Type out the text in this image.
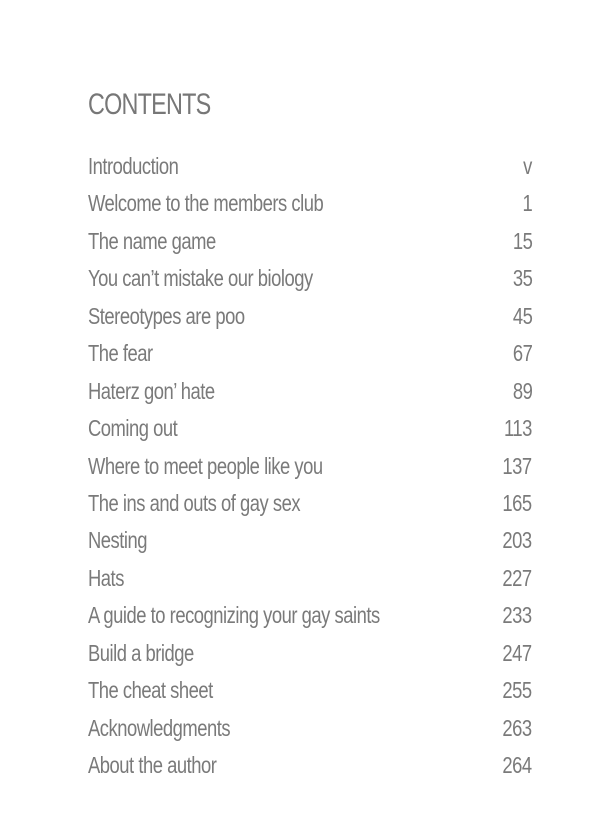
CONTENTS
Introduction	v
Welcome to the members club	1
The name game	15
You can’t mistake our biology	35
Stereotypes are poo	45
The fear	67
Haterz gon’ hate	89
Coming out	113
Where to meet people like you	137
The ins and outs of gay sex	165
Nesting	203
Hats	227
A guide to recognizing your gay saints	233
Build a bridge	247
The cheat sheet	255
Acknowledgments	263
About the author	264
